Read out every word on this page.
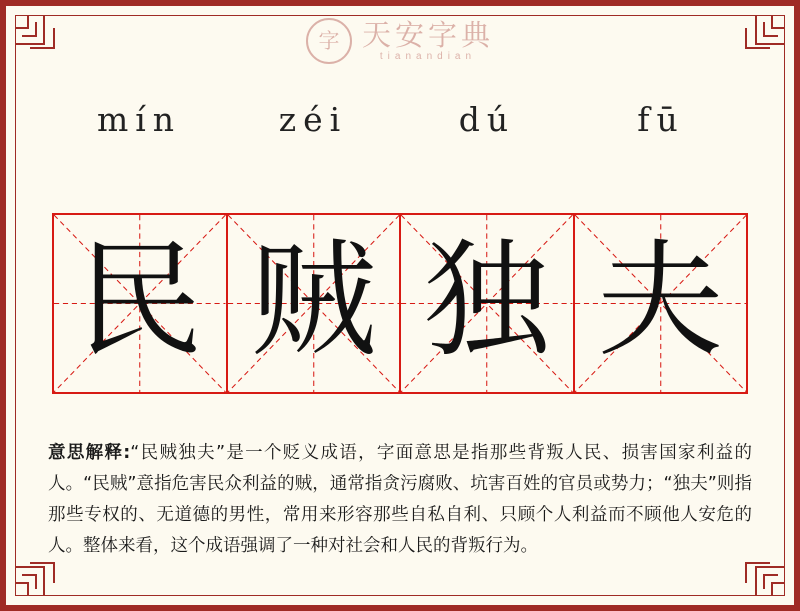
字 天安字典
tianandian
mín	zéi	dú	fū
民 贼 独 夫
意思解释:“民贼独夫”是一个贬义成语，字面意思是指那些背叛人民、损害国家利益的人。“民贼”意指危害民众利益的贼，通常指贪污腐败、坑害百姓的官员或势力；“独夫”则指那些专权的、无道德的男性，常用来形容那些自私自利、只顾个人利益而不顾他人安危的人。整体来看，这个成语强调了一种对社会和人民的背叛行为。
